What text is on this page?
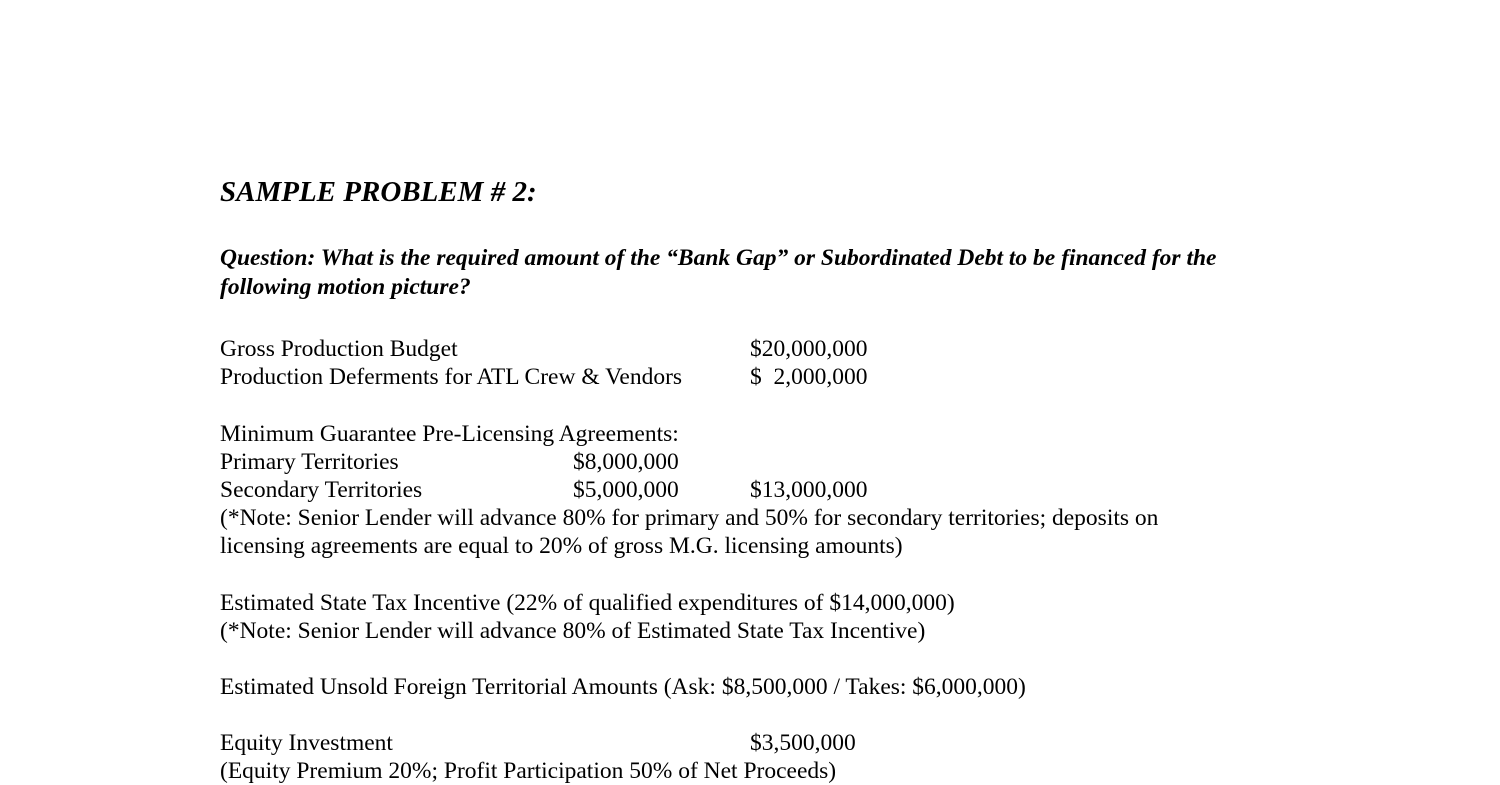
SAMPLE PROBLEM # 2:
Question: What is the required amount of the “Bank Gap” or Subordinated Debt to be financed for the following motion picture?
Gross Production Budget	$20,000,000
Production Deferments for ATL Crew & Vendors	$  2,000,000
Minimum Guarantee Pre-Licensing Agreements:
Primary Territories	$8,000,000
Secondary Territories	$5,000,000	$13,000,000
(*Note: Senior Lender will advance 80% for primary and 50% for secondary territories; deposits on
licensing agreements are equal to 20% of gross M.G. licensing amounts)
Estimated State Tax Incentive (22% of qualified expenditures of $14,000,000)
(*Note: Senior Lender will advance 80% of Estimated State Tax Incentive)
Estimated Unsold Foreign Territorial Amounts (Ask: $8,500,000 / Takes: $6,000,000)
Equity Investment	$3,500,000
(Equity Premium 20%; Profit Participation 50% of Net Proceeds)
